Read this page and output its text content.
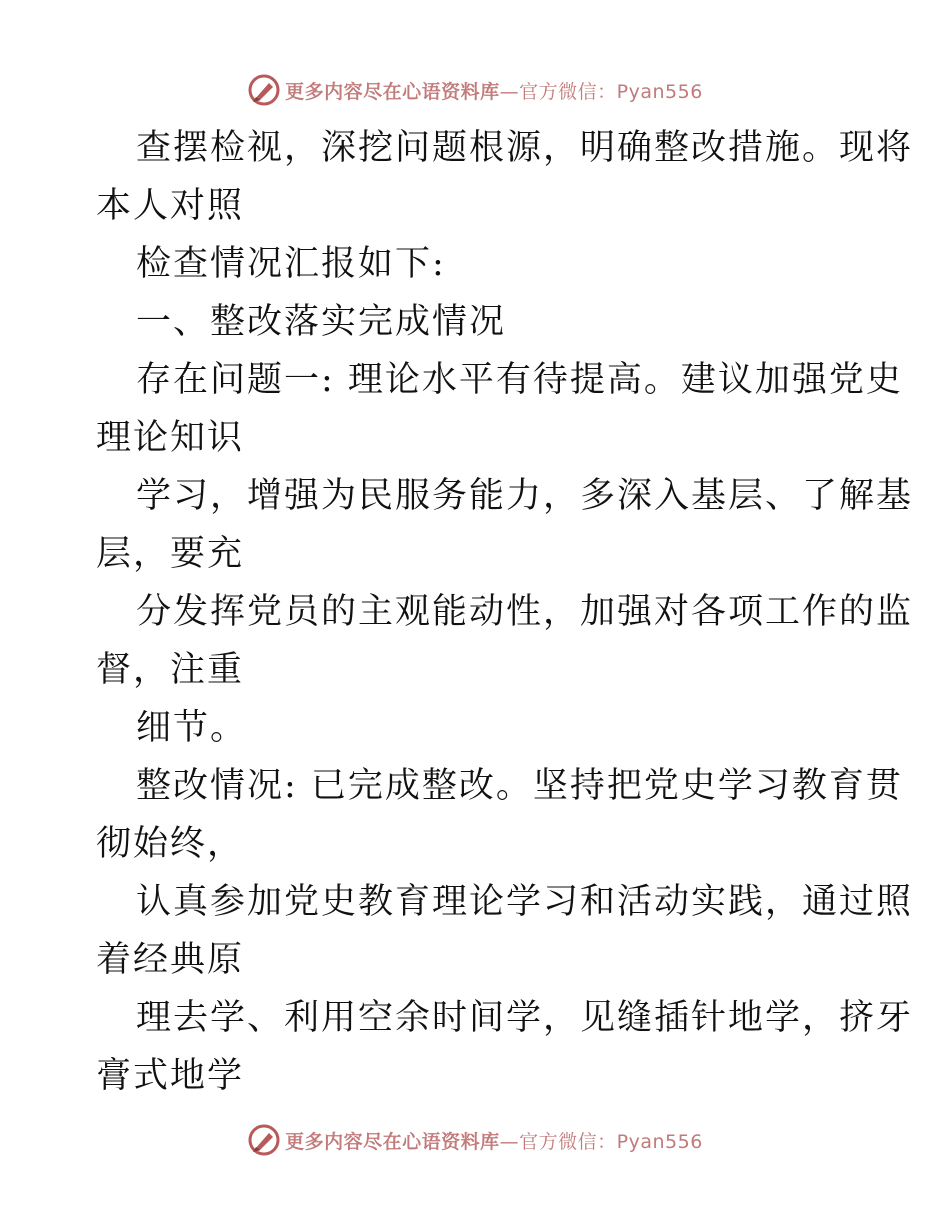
更多内容尽在心语资料库—官方微信：Pyan556

查摆检视，深挖问题根源，明确整改措施。现将
本人对照

检查情况汇报如下:

一、整改落实完成情况

存在问题一: 理论水平有待提高。建议加强党史
理论知识

学习，增强为民服务能力，多深入基层、了解基
层，要充

分发挥党员的主观能动性，加强对各项工作的监
督，注重

细节。

整改情况: 已完成整改。坚持把党史学习教育贯
彻始终，

认真参加党史教育理论学习和活动实践，通过照
着经典原

理去学、利用空余时间学，见缝插针地学，挤牙
膏式地学

更多内容尽在心语资料库—官方微信：Pyan556
